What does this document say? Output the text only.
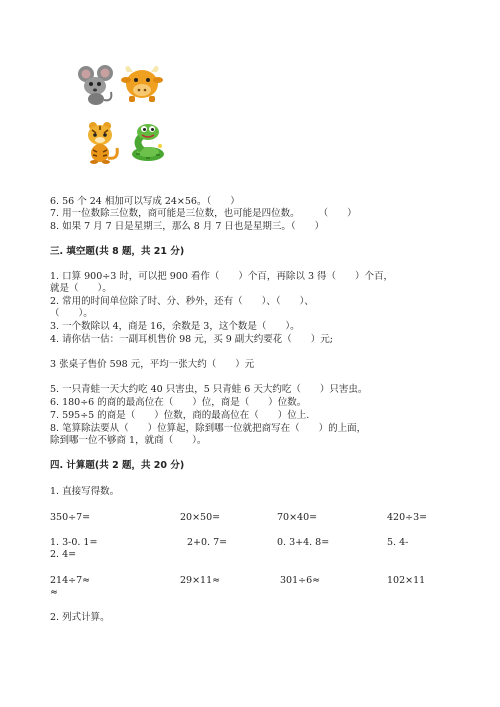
6. 56 个 24 相加可以写成 24×56。（　　）
7. 用一位数除三位数，商可能是三位数，也可能是四位数。　　　（　　）
8. 如果 7 月 7 日是星期三，那么 8 月 7 日也是星期三。（　　）
三. 填空题(共 8 题，共 21 分)
1. 口算 900÷3 时，可以把 900 看作（　　）个百，再除以 3 得（　　）个百，
就是（　　）。
2. 常用的时间单位除了时、分、秒外，还有（　　）、（　　）、
（　　）。
3. 一个数除以 4，商是 16，余数是 3，这个数是（　　）。
4. 请你估一估：一副耳机售价 98 元，买 9 副大约要花（　　）元;
3 张桌子售价 598 元，平均一张大约（　　）元
5. 一只青蛙一天大约吃 40 只害虫，5 只青蛙 6 天大约吃（　　）只害虫。
6. 180÷6 的商的最高位在（　　）位，商是（　　）位数。
7. 595÷5 的商是（　　）位数，商的最高位在（　　）位上.
8. 笔算除法要从（　　）位算起，除到哪一位就把商写在（　　）的上面，
除到哪一位不够商 1，就商（　　）。
四. 计算题(共 2 题，共 20 分)
1. 直接写得数。
350÷7=	20×50=	70×40=	420÷3=
1. 3-0. 1=	2+0. 7=	0. 3+4. 8=	5. 4-
2. 4=
214÷7≈	29×11≈	301÷6≈	102×11
≈
2. 列式计算。
